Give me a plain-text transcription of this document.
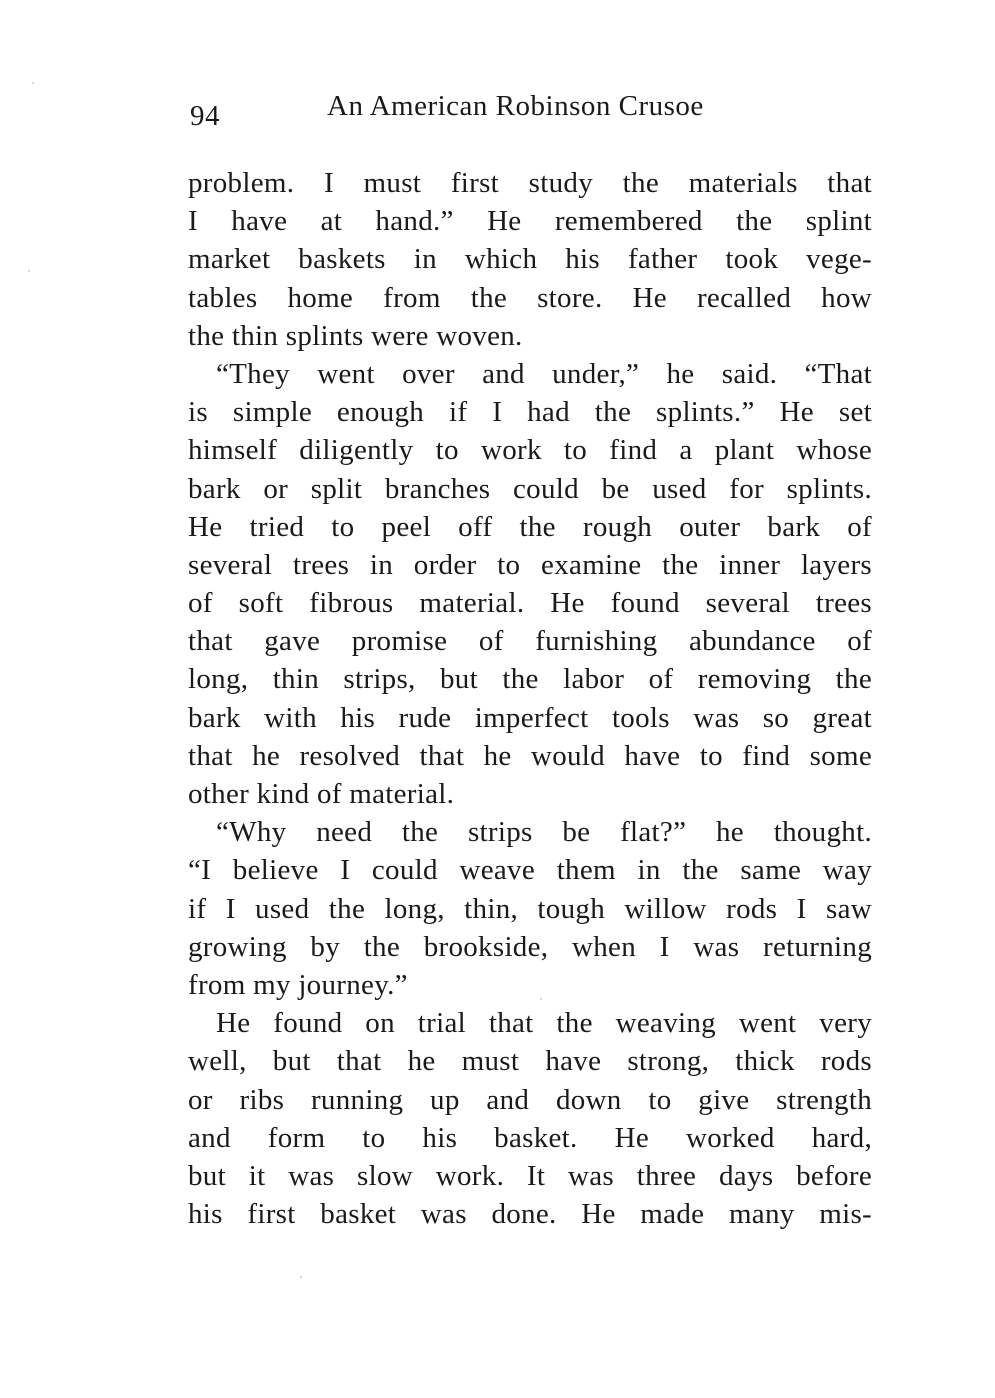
94	An American Robinson Crusoe
problem. I must first study the materials that
I have at hand.” He remembered the splint
market baskets in which his father took vege-
tables home from the store. He recalled how
the thin splints were woven.
“They went over and under,” he said. “That
is simple enough if I had the splints.” He set
himself diligently to work to find a plant whose
bark or split branches could be used for splints.
He tried to peel off the rough outer bark of
several trees in order to examine the inner layers
of soft fibrous material. He found several trees
that gave promise of furnishing abundance of
long, thin strips, but the labor of removing the
bark with his rude imperfect tools was so great
that he resolved that he would have to find some
other kind of material.
“Why need the strips be flat?” he thought.
“I believe I could weave them in the same way
if I used the long, thin, tough willow rods I saw
growing by the brookside, when I was returning
from my journey.”
He found on trial that the weaving went very
well, but that he must have strong, thick rods
or ribs running up and down to give strength
and form to his basket. He worked hard,
but it was slow work. It was three days before
his first basket was done. He made many mis-
